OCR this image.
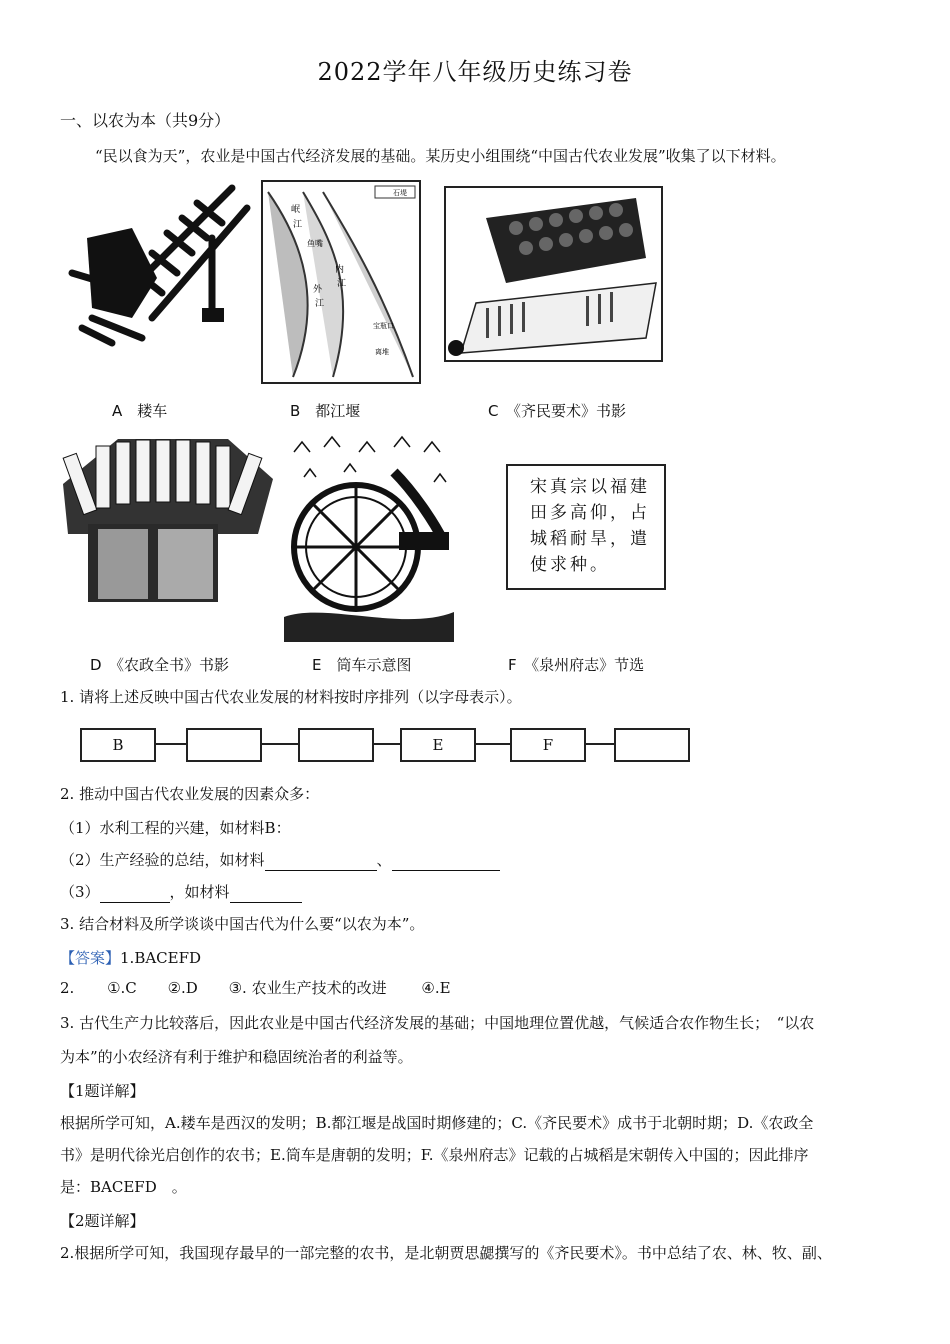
2022学年八年级历史练习卷
一、以农为本（共9分）
“民以食为天”，农业是中国古代经济发展的基础。某历史小组围绕“中国古代农业发展”收集了以下材料。
A　耧车
石堤
岷
江
鱼嘴
内
江
外
江
宝瓶口
离堆
B　都江堰	C　《齐民要术》书影
D　《农政全书》书影	E　筒车示意图
宋真宗以福建田多高仰，占城稻耐旱，遣使求种。
F　《泉州府志》节选
1. 请将上述反映中国古代农业发展的材料按时序排列（以字母表示）。
B	E	F
2. 推动中国古代农业发展的因素众多：
（1）水利工程的兴建，如材料B：
（2）生产经验的总结，如材料	、
（3）	，如材料
3. 结合材料及所学谈谈中国古代为什么要“以农为本”。
【答案】1.BACEFD
2. ①.C ②.D ③. 农业生产技术的改进 ④.E
3. 古代生产力比较落后，因此农业是中国古代经济发展的基础；中国地理位置优越，气候适合农作物生长；　“以农
为本”的小农经济有利于维护和稳固统治者的利益等。
【1题详解】
根据所学可知，A.耧车是西汉的发明；B.都江堰是战国时期修建的；C.《齐民要术》成书于北朝时期；D.《农政全
书》是明代徐光启创作的农书；E.筒车是唐朝的发明；F.《泉州府志》记载的占城稻是宋朝传入中国的；因此排序
是：BACEFD　。
【2题详解】
2.根据所学可知，我国现存最早的一部完整的农书，是北朝贾思勰撰写的《齐民要术》。书中总结了农、林、牧、副、
